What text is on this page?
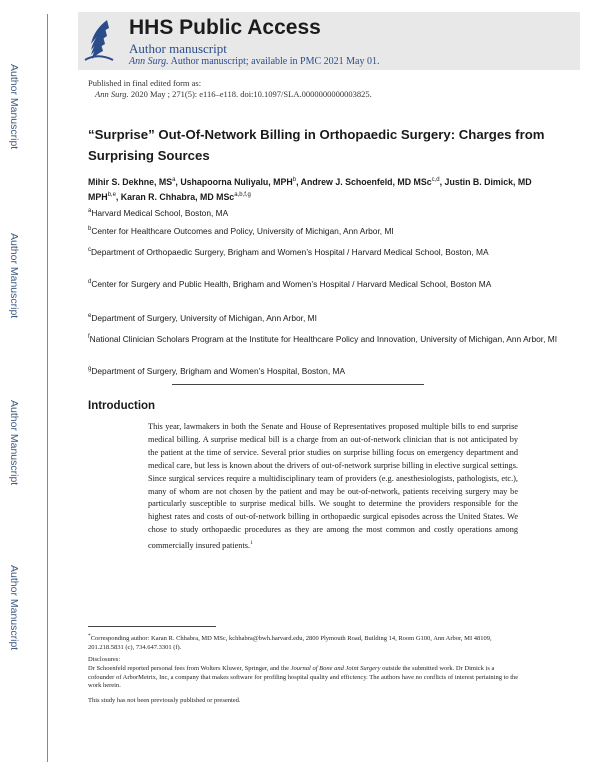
Author Manuscript
Author Manuscript
Author Manuscript
Author Manuscript
HHS Public Access
Author manuscript
Ann Surg. Author manuscript; available in PMC 2021 May 01.
Published in final edited form as:
Ann Surg. 2020 May ; 271(5): e116–e118. doi:10.1097/SLA.0000000000003825.
“Surprise” Out-Of-Network Billing in Orthopaedic Surgery: Charges from Surprising Sources
Mihir S. Dekhne, $MS^a$, Ushapoorna Nuliyalu, MPH$^b$, Andrew J. Schoenfeld, MD MSc$^{c,d}$, Justin B. Dimick, MD MPH$^{b,e}$, Karan R. Chhabra, MD MSc$^{a,b,f,g}$
$^a$Harvard Medical School, Boston, MA
$^b$Center for Healthcare Outcomes and Policy, University of Michigan, Ann Arbor, MI
$^c$Department of Orthopaedic Surgery, Brigham and Women’s Hospital / Harvard Medical School, Boston, MA
$^d$Center for Surgery and Public Health, Brigham and Women’s Hospital / Harvard Medical School, Boston MA
$^e$Department of Surgery, University of Michigan, Ann Arbor, MI
$^f$National Clinician Scholars Program at the Institute for Healthcare Policy and Innovation, University of Michigan, Ann Arbor, MI
$^g$Department of Surgery, Brigham and Women’s Hospital, Boston, MA
Introduction
This year, lawmakers in both the Senate and House of Representatives proposed multiple bills to end surprise medical billing. A surprise medical bill is a charge from an out-of-network clinician that is not anticipated by the patient at the time of service. Several prior studies on surprise billing focus on emergency department and medical care, but less is known about the drivers of out-of-network surprise billing in elective surgical settings. Since surgical services require a multidisciplinary team of providers (e.g. anesthesiologists, pathologists, etc.), many of whom are not chosen by the patient and may be out-of-network, patients receiving surgery may be particularly susceptible to surprise medical bills. We sought to determine the providers responsible for the highest rates and costs of out-of-network billing in orthopaedic surgical episodes across the United States. We chose to study orthopaedic procedures as they are among the most common and costly operations among commercially insured patients.$^1$
*Corresponding author: Karan R. Chhabra, MD MSc, kchhabra@bwh.harvard.edu, 2800 Plymouth Road, Building 14, Room G100, Ann Arbor, MI 48109, 201.218.5831 (c), 734.647.3301 (f).
Disclosures:
Dr Schoenfeld reported personal fees from Wolters Kluwer, Springer, and the Journal of Bone and Joint Surgery outside the submitted work. Dr Dimick is a cofounder of ArborMetrix, Inc, a company that makes software for profiling hospital quality and efficiency. The authors have no conflicts of interest pertaining to the work herein.
This study has not been previously published or presented.
